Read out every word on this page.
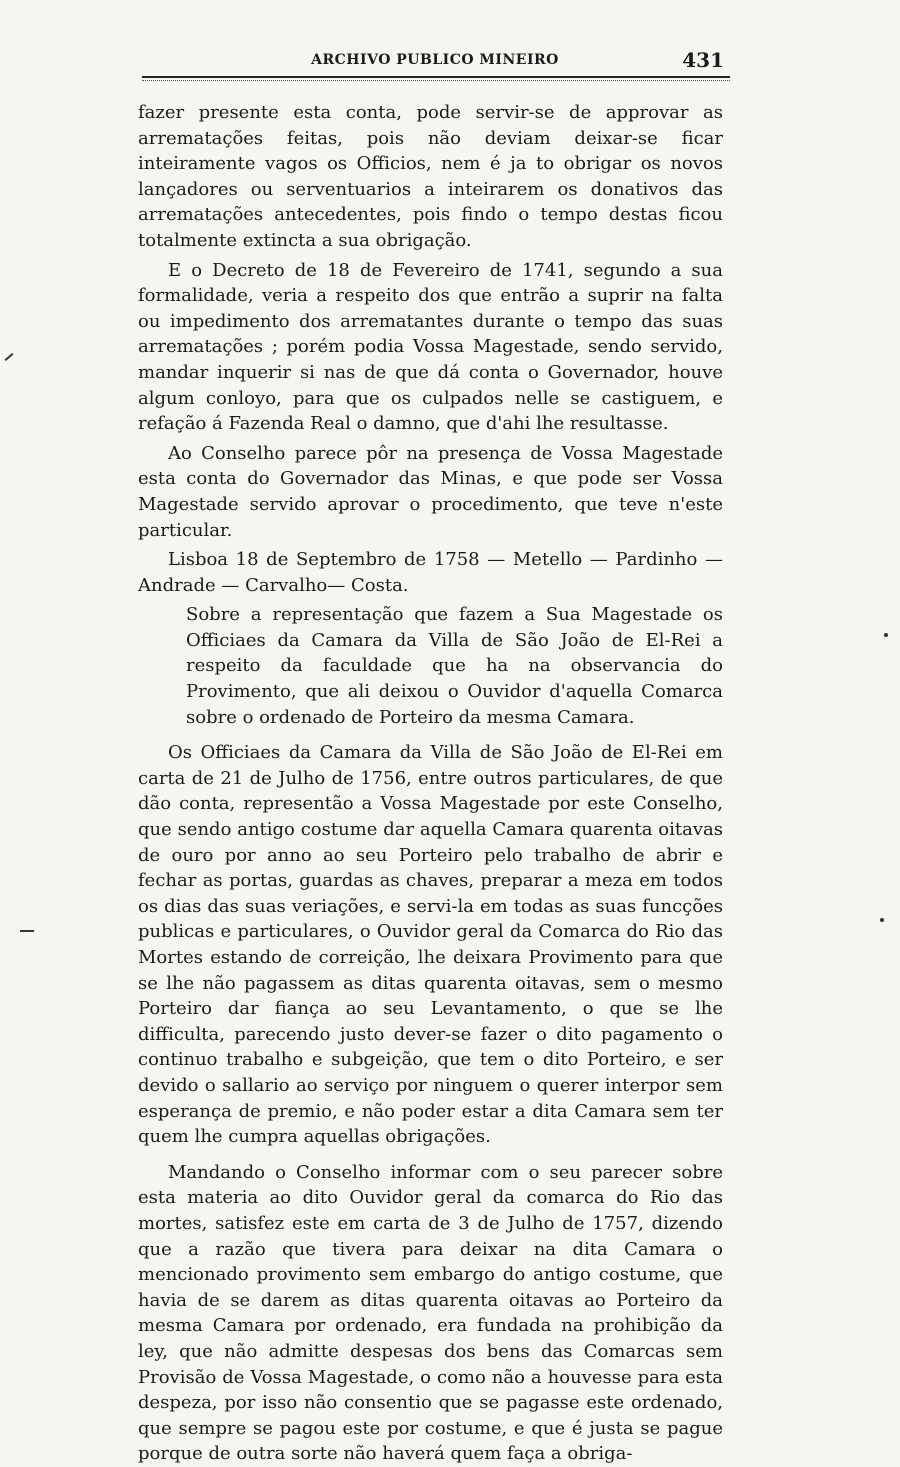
ARCHIVO PUBLICO MINEIRO	431

fazer presente esta conta, pode servir-se de approvar as arrematações feitas, pois não deviam deixar-se ficar inteiramente vagos os Officios, nem é ja to obrigar os novos lançadores ou serventuarios a inteirarem os donativos das arrematações antecedentes, pois findo o tempo destas ficou totalmente extincta a sua obrigação.

E o Decreto de 18 de Fevereiro de 1741, segundo a sua formalidade, veria a respeito dos que entrão a suprir na falta ou impedimento dos arrematantes durante o tempo das suas arrematações ; porém podia Vossa Magestade, sendo servido, mandar inquerir si nas de que dá conta o Governador, houve algum conloyo, para que os culpados nelle se castiguem, e refação á Fazenda Real o damno, que d'ahi lhe resultasse.

Ao Conselho parece pôr na presença de Vossa Magestade esta conta do Governador das Minas, e que pode ser Vossa Magestade servido aprovar o procedimento, que teve n'este particular.

Lisboa 18 de Septembro de 1758 — Metello — Pardinho — Andrade — Carvalho— Costa.

Sobre a representação que fazem a Sua Magestade os Officiaes da Camara da Villa de São João de El-Rei a respeito da faculdade que ha na observancia do Provimento, que ali deixou o Ouvidor d'aquella Comarca sobre o ordenado de Porteiro da mesma Camara.

Os Officiaes da Camara da Villa de São João de El-Rei em carta de 21 de Julho de 1756, entre outros particulares, de que dão conta, representão a Vossa Magestade por este Conselho, que sendo antigo costume dar aquella Camara quarenta oitavas de ouro por anno ao seu Porteiro pelo trabalho de abrir e fechar as portas, guardas as chaves, preparar a meza em todos os dias das suas veriações, e servi-la em todas as suas funcções publicas e particulares, o Ouvidor geral da Comarca do Rio das Mortes estando de correição, lhe deixara Provimento para que se lhe não pagassem as ditas quarenta oitavas, sem o mesmo Porteiro dar fiança ao seu Levantamento, o que se lhe difficulta, parecendo justo dever-se fazer o dito pagamento o continuo trabalho e subgeição, que tem o dito Porteiro, e ser devido o sallario ao serviço por ninguem o querer interpor sem esperança de premio, e não poder estar a dita Camara sem ter quem lhe cumpra aquellas obrigações.

Mandando o Conselho informar com o seu parecer sobre esta materia ao dito Ouvidor geral da comarca do Rio das mortes, satisfez este em carta de 3 de Julho de 1757, dizendo que a razão que tivera para deixar na dita Camara o mencionado provimento sem embargo do antigo costume, que havia de se darem as ditas quarenta oitavas ao Porteiro da mesma Camara por ordenado, era fundada na prohibição da ley, que não admitte despesas dos bens das Comarcas sem Provisão de Vossa Magestade, o como não a houvesse para esta despeza, por isso não consentio que se pagasse este ordenado, que sempre se pagou este por costume, e que é justa se pague porque de outra sorte não haverá quem faça a obriga-
